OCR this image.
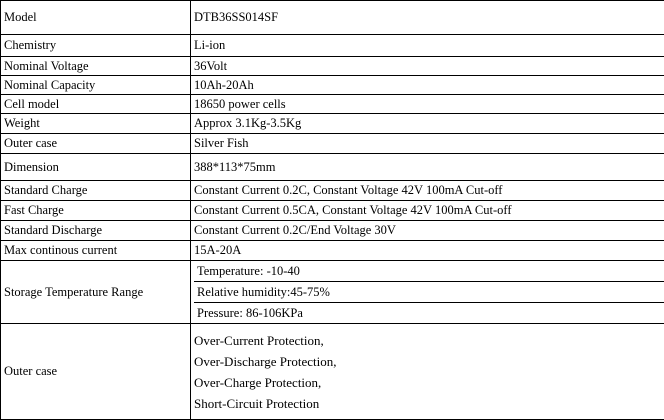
Model	DTB36SS014SF
Chemistry	Li-ion
Nominal Voltage	36Volt
Nominal Capacity	10Ah-20Ah
Cell model	18650 power cells
Weight	Approx 3.1Kg-3.5Kg
Outer case	Silver Fish
Dimension	388*113*75mm
Standard Charge	Constant Current 0.2C, Constant Voltage 42V 100mA Cut-off
Fast Charge	Constant Current 0.5CA, Constant Voltage 42V 100mA Cut-off
Standard Discharge	Constant Current 0.2C/End Voltage 30V
Max continous current	15A-20A
Storage Temperature Range	Temperature: -10-40
Relative humidity:45-75%
Pressure: 86-106KPa

Outer case	Over-Current Protection,
Over-Discharge Protection,
Over-Charge Protection,
Short-Circuit Protection
